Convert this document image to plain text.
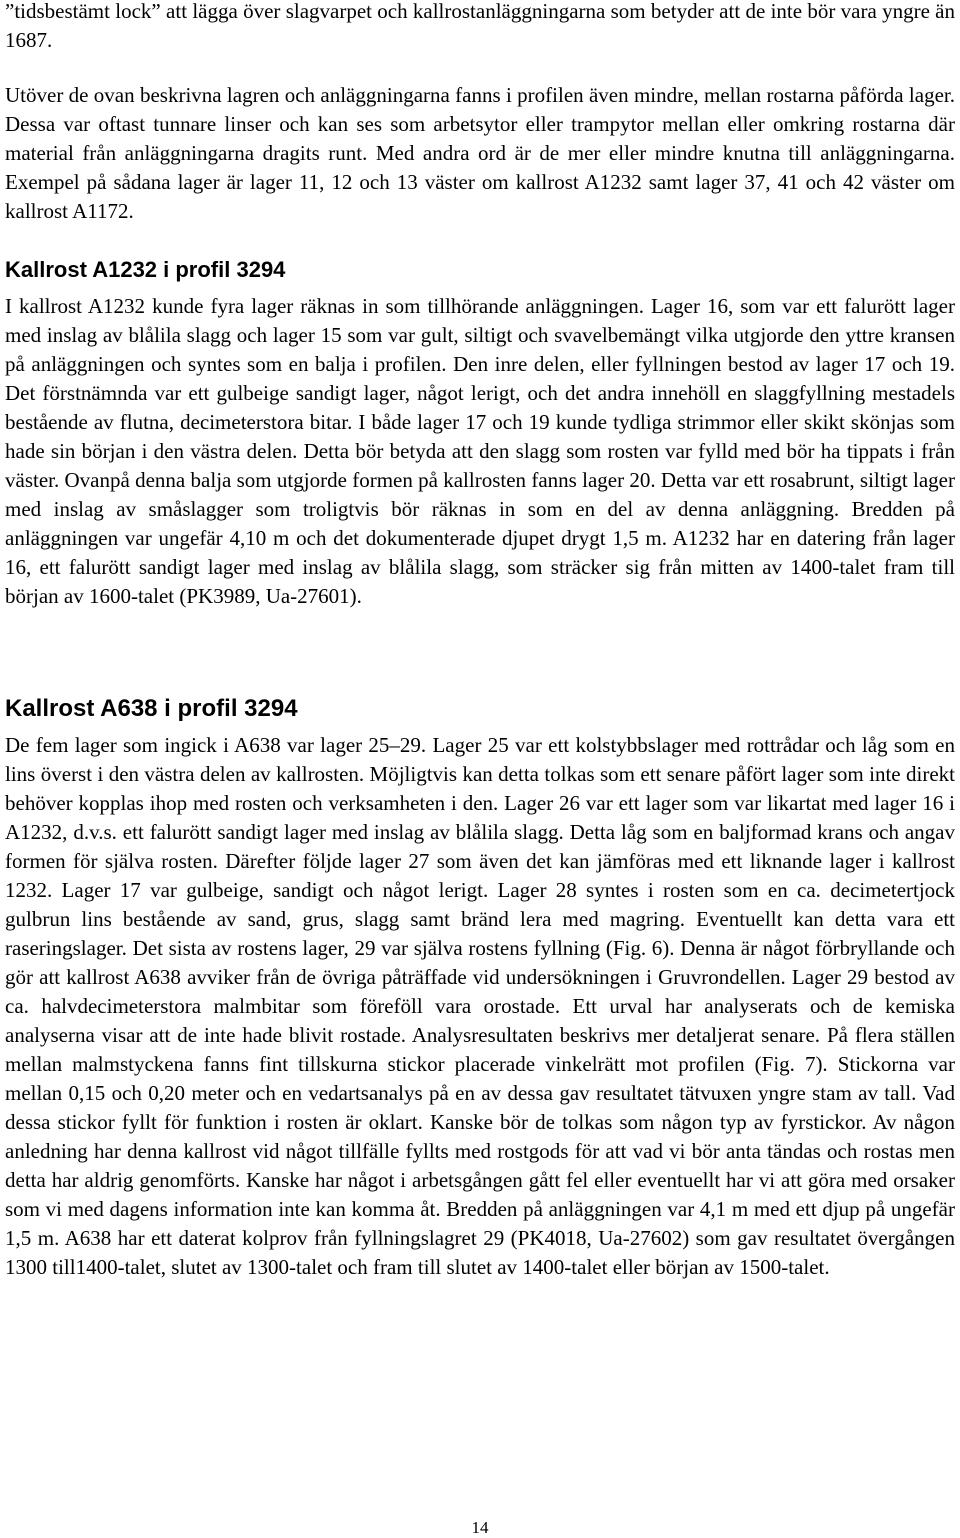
”tidsbestämt lock” att lägga över slagvarpet och kallrostanläggningarna som betyder att de inte bör vara yngre än 1687.

Utöver de ovan beskrivna lagren och anläggningarna fanns i profilen även mindre, mellan rostarna påförda lager. Dessa var oftast tunnare linser och kan ses som arbetsytor eller trampytor mellan eller omkring rostarna där material från anläggningarna dragits runt. Med andra ord är de mer eller mindre knutna till anläggningarna. Exempel på sådana lager är lager 11, 12 och 13 väster om kallrost A1232 samt lager 37, 41 och 42 väster om kallrost A1172.

Kallrost A1232 i profil 3294

I kallrost A1232 kunde fyra lager räknas in som tillhörande anläggningen. Lager 16, som var ett falurött lager med inslag av blålila slagg och lager 15 som var gult, siltigt och svavelbemängt vilka utgjorde den yttre kransen på anläggningen och syntes som en balja i profilen. Den inre delen, eller fyllningen bestod av lager 17 och 19. Det förstnämnda var ett gulbeige sandigt lager, något lerigt, och det andra innehöll en slaggfyllning mestadels bestående av flutna, decimeterstora bitar. I både lager 17 och 19 kunde tydliga strimmor eller skikt skönjas som hade sin början i den västra delen. Detta bör betyda att den slagg som rosten var fylld med bör ha tippats i från väster. Ovanpå denna balja som utgjorde formen på kallrosten fanns lager 20. Detta var ett rosabrunt, siltigt lager med inslag av småslagger som troligtvis bör räknas in som en del av denna anläggning. Bredden på anläggningen var ungefär 4,10 m och det dokumenterade djupet drygt 1,5 m. A1232 har en datering från lager 16, ett falurött sandigt lager med inslag av blålila slagg, som sträcker sig från mitten av 1400-talet fram till början av 1600-talet (PK3989, Ua-27601).

Kallrost A638 i profil 3294

De fem lager som ingick i A638 var lager 25–29. Lager 25 var ett kolstybbslager med rottrådar och låg som en lins överst i den västra delen av kallrosten. Möjligtvis kan detta tolkas som ett senare påfört lager som inte direkt behöver kopplas ihop med rosten och verksamheten i den. Lager 26 var ett lager som var likartat med lager 16 i A1232, d.v.s. ett falurött sandigt lager med inslag av blålila slagg. Detta låg som en baljformad krans och angav formen för själva rosten. Därefter följde lager 27 som även det kan jämföras med ett liknande lager i kallrost 1232. Lager 17 var gulbeige, sandigt och något lerigt. Lager 28 syntes i rosten som en ca. decimetertjock gulbrun lins bestående av sand, grus, slagg samt bränd lera med magring. Eventuellt kan detta vara ett raseringslager. Det sista av rostens lager, 29 var själva rostens fyllning (Fig. 6). Denna är något förbryllande och gör att kallrost A638 avviker från de övriga påträffade vid undersökningen i Gruvrondellen. Lager 29 bestod av ca. halvdecimeterstora malmbitar som föreföll vara orostade. Ett urval har analyserats och de kemiska analyserna visar att de inte hade blivit rostade. Analysresultaten beskrivs mer detaljerat senare. På flera ställen mellan malmstyckena fanns fint tillskurna stickor placerade vinkelrätt mot profilen (Fig. 7). Stickorna var mellan 0,15 och 0,20 meter och en vedartsanalys på en av dessa gav resultatet tätvuxen yngre stam av tall. Vad dessa stickor fyllt för funktion i rosten är oklart. Kanske bör de tolkas som någon typ av fyrstickor. Av någon anledning har denna kallrost vid något tillfälle fyllts med rostgods för att vad vi bör anta tändas och rostas men detta har aldrig genomförts. Kanske har något i arbetsgången gått fel eller eventuellt har vi att göra med orsaker som vi med dagens information inte kan komma åt. Bredden på anläggningen var 4,1 m med ett djup på ungefär 1,5 m. A638 har ett daterat kolprov från fyllningslagret 29 (PK4018, Ua-27602) som gav resultatet övergången 1300 till1400-talet, slutet av 1300-talet och fram till slutet av 1400-talet eller början av 1500-talet.

14
